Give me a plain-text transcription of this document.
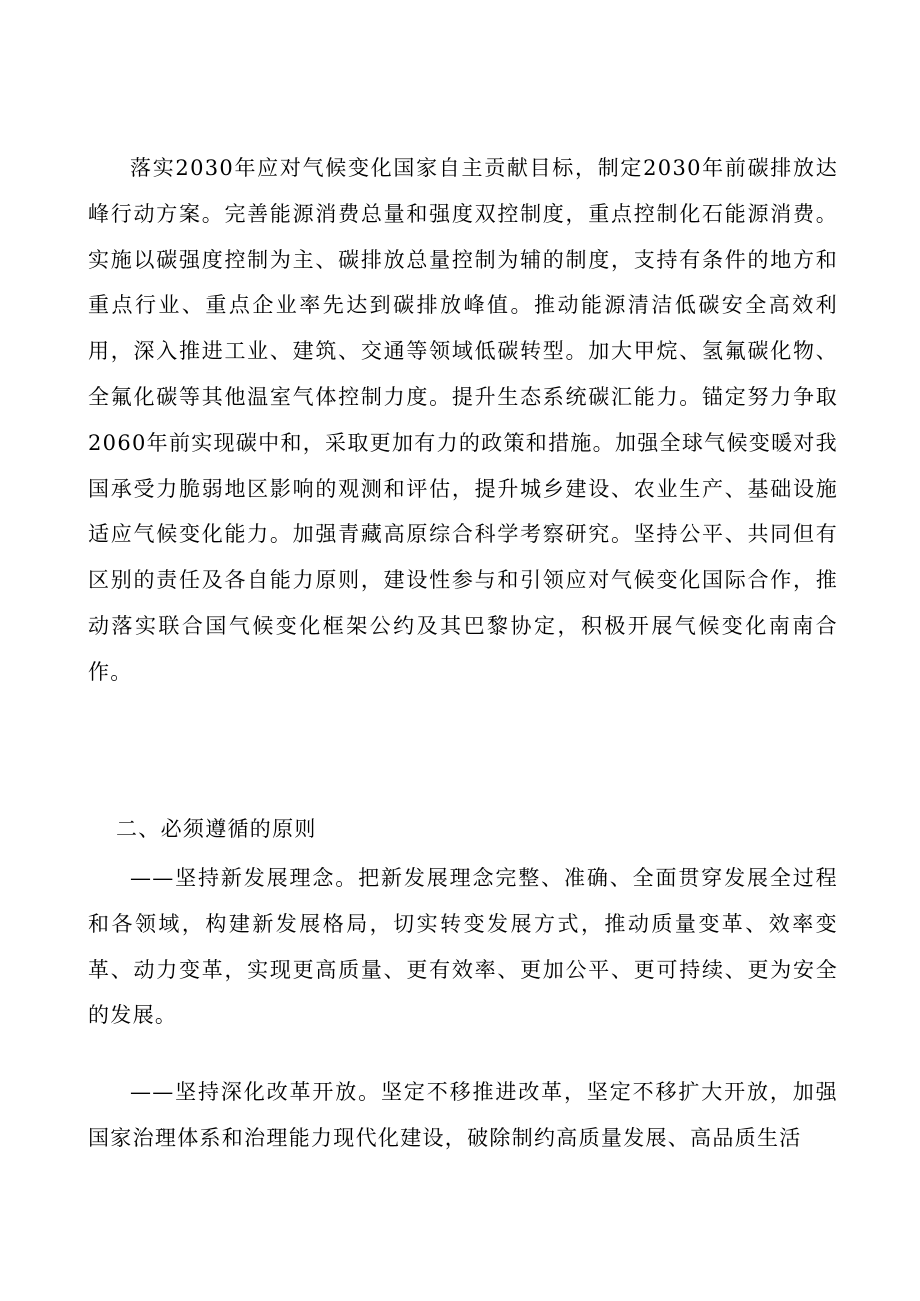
落实2030年应对气候变化国家自主贡献目标，制定2030年前碳排放达峰行动方案。完善能源消费总量和强度双控制度，重点控制化石能源消费。实施以碳强度控制为主、碳排放总量控制为辅的制度，支持有条件的地方和重点行业、重点企业率先达到碳排放峰值。推动能源清洁低碳安全高效利用，深入推进工业、建筑、交通等领域低碳转型。加大甲烷、氢氟碳化物、全氟化碳等其他温室气体控制力度。提升生态系统碳汇能力。锚定努力争取2060年前实现碳中和，采取更加有力的政策和措施。加强全球气候变暖对我国承受力脆弱地区影响的观测和评估，提升城乡建设、农业生产、基础设施适应气候变化能力。加强青藏高原综合科学考察研究。坚持公平、共同但有区别的责任及各自能力原则，建设性参与和引领应对气候变化国际合作，推动落实联合国气候变化框架公约及其巴黎协定，积极开展气候变化南南合作。

二、必须遵循的原则

——坚持新发展理念。把新发展理念完整、准确、全面贯穿发展全过程和各领域，构建新发展格局，切实转变发展方式，推动质量变革、效率变革、动力变革，实现更高质量、更有效率、更加公平、更可持续、更为安全的发展。

——坚持深化改革开放。坚定不移推进改革，坚定不移扩大开放，加强国家治理体系和治理能力现代化建设，破除制约高质量发展、高品质生活
